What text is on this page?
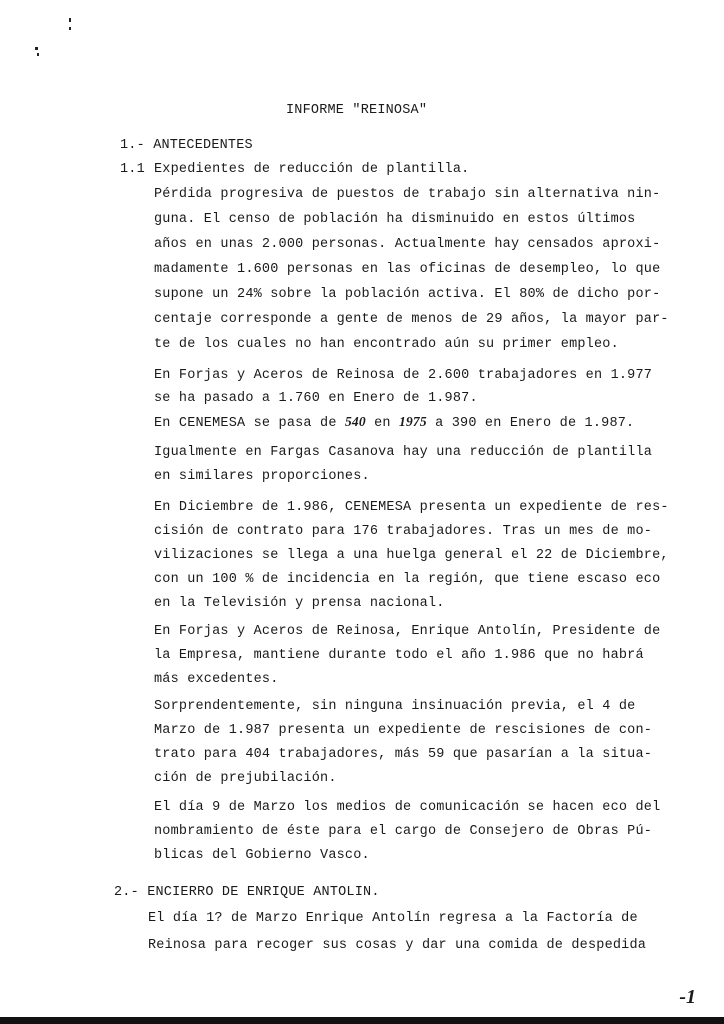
INFORME "REINOSA"
1.- ANTECEDENTES
1.1 Expedientes de reducción de plantilla.
Pérdida progresiva de puestos de trabajo sin alternativa nin-
guna. El censo de población ha disminuido en estos últimos
años en unas 2.000 personas. Actualmente hay censados aproxi-
madamente 1.600 personas en las oficinas de desempleo, lo que
supone un 24% sobre la población activa. El 80% de dicho por-
centaje corresponde a gente de menos de 29 años, la mayor par-
te de los cuales no han encontrado aún su primer empleo.
En Forjas y Aceros de Reinosa de 2.600 trabajadores en 1.977
se ha pasado a 1.760 en Enero de 1.987.
En CENEMESA se pasa de 540 en 1975 a 390 en Enero de 1.987.
Igualmente en Fargas Casanova hay una reducción de plantilla
en similares proporciones.
En Diciembre de 1.986, CENEMESA presenta un expediente de res-
cisión de contrato para 176 trabajadores. Tras un mes de mo-
vilizaciones se llega a una huelga general el 22 de Diciembre,
con un 100 % de incidencia en la región, que tiene escaso eco
en la Televisión y prensa nacional.
En Forjas y Aceros de Reinosa, Enrique Antolín, Presidente de
la Empresa, mantiene durante todo el año 1.986 que no habrá
más excedentes.
Sorprendentemente, sin ninguna insinuación previa, el 4 de
Marzo de 1.987 presenta un expediente de rescisiones de con-
trato para 404 trabajadores, más 59 que pasarían a la situa-
ción de prejubilación.
El día 9 de Marzo los medios de comunicación se hacen eco del
nombramiento de éste para el cargo de Consejero de Obras Pú-
blicas del Gobierno Vasco.
2.- ENCIERRO DE ENRIQUE ANTOLIN.
El día 1? de Marzo Enrique Antolín regresa a la Factoría de
Reinosa para recoger sus cosas y dar una comida de despedida
-1
